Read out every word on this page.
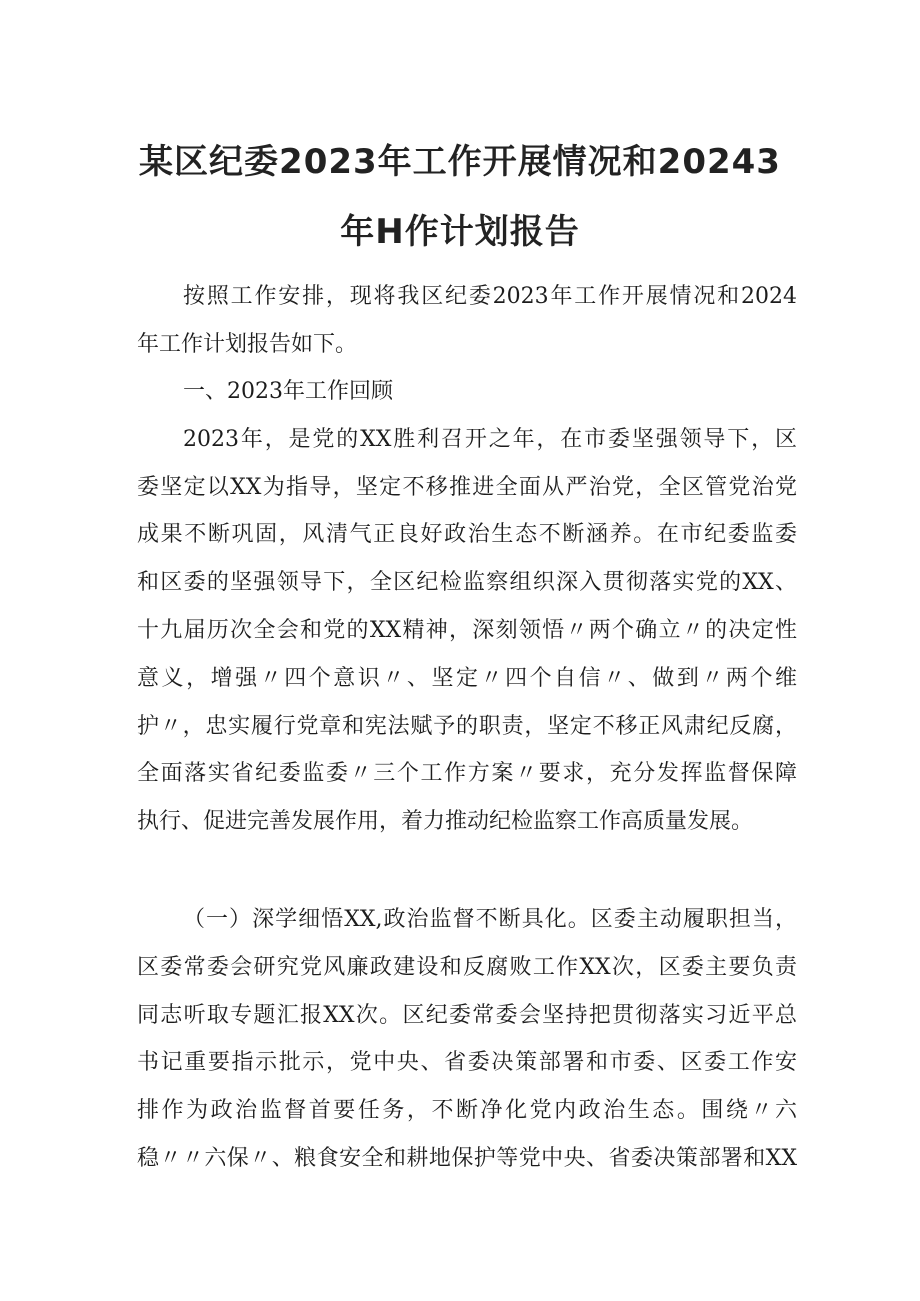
某区纪委2023年工作开展情况和20243
年H作计划报告
按照工作安排，现将我区纪委2023年工作开展情况和2024
年工作计划报告如下。
一、2023年工作回顾
2023年，是党的XX胜利召开之年，在市委坚强领导下，区
委坚定以XX为指导，坚定不移推进全面从严治党，全区管党治党
成果不断巩固，风清气正良好政治生态不断涵养。在市纪委监委
和区委的坚强领导下，全区纪检监察组织深入贯彻落实党的XX、
十九届历次全会和党的XX精神，深刻领悟〃两个确立〃的决定性
意义，增强〃四个意识〃、坚定〃四个自信〃、做到〃两个维
护〃，忠实履行党章和宪法赋予的职责，坚定不移正风肃纪反腐，
全面落实省纪委监委〃三个工作方案〃要求，充分发挥监督保障
执行、促进完善发展作用，着力推动纪检监察工作高质量发展。
（一）深学细悟XX,政治监督不断具化。区委主动履职担当，
区委常委会研究党风廉政建设和反腐败工作XX次，区委主要负责
同志听取专题汇报XX次。区纪委常委会坚持把贯彻落实习近平总
书记重要指示批示，党中央、省委决策部署和市委、区委工作安
排作为政治监督首要任务，不断净化党内政治生态。围绕〃六
稳〃〃六保〃、粮食安全和耕地保护等党中央、省委决策部署和XX
